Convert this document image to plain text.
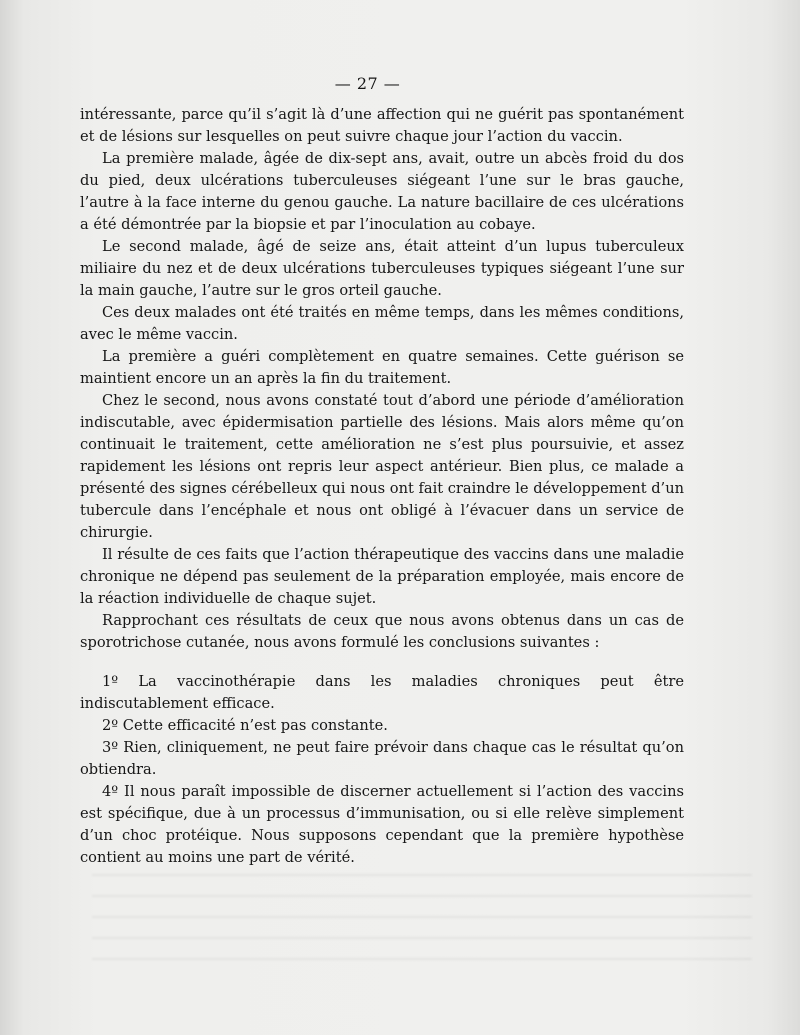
— 27 —

intéressante, parce qu’il s’agit là d’une affection qui ne guérit pas spontanément et de lésions sur lesquelles on peut suivre chaque jour l’action du vaccin.

La première malade, âgée de dix-sept ans, avait, outre un abcès froid du dos du pied, deux ulcérations tuberculeuses siégeant l’une sur le bras gauche, l’autre à la face interne du genou gauche. La nature bacillaire de ces ulcérations a été démontrée par la biopsie et par l’inoculation au cobaye.

Le second malade, âgé de seize ans, était atteint d’un lupus tuberculeux miliaire du nez et de deux ulcérations tuberculeuses typiques siégeant l’une sur la main gauche, l’autre sur le gros orteil gauche.

Ces deux malades ont été traités en même temps, dans les mêmes conditions, avec le même vaccin.

La première a guéri complètement en quatre semaines. Cette guérison se maintient encore un an après la fin du traitement.

Chez le second, nous avons constaté tout d’abord une période d’amélioration indiscutable, avec épidermisation partielle des lésions. Mais alors même qu’on continuait le traitement, cette amélioration ne s’est plus poursuivie, et assez rapidement les lésions ont repris leur aspect antérieur. Bien plus, ce malade a présenté des signes cérébelleux qui nous ont fait craindre le développement d’un tubercule dans l’encéphale et nous ont obligé à l’évacuer dans un service de chirurgie.

Il résulte de ces faits que l’action thérapeutique des vaccins dans une maladie chronique ne dépend pas seulement de la préparation employée, mais encore de la réaction individuelle de chaque sujet.

Rapprochant ces résultats de ceux que nous avons obtenus dans un cas de sporotrichose cutanée, nous avons formulé les conclusions suivantes :

1º La vaccinothérapie dans les maladies chroniques peut être indiscutablement efficace.

2º Cette efficacité n’est pas constante.

3º Rien, cliniquement, ne peut faire prévoir dans chaque cas le résultat qu’on obtiendra.

4º Il nous paraît impossible de discerner actuellement si l’action des vaccins est spécifique, due à un processus d’immunisation, ou si elle relève simplement d’un choc protéique. Nous supposons cependant que la première hypothèse contient au moins une part de vérité.
